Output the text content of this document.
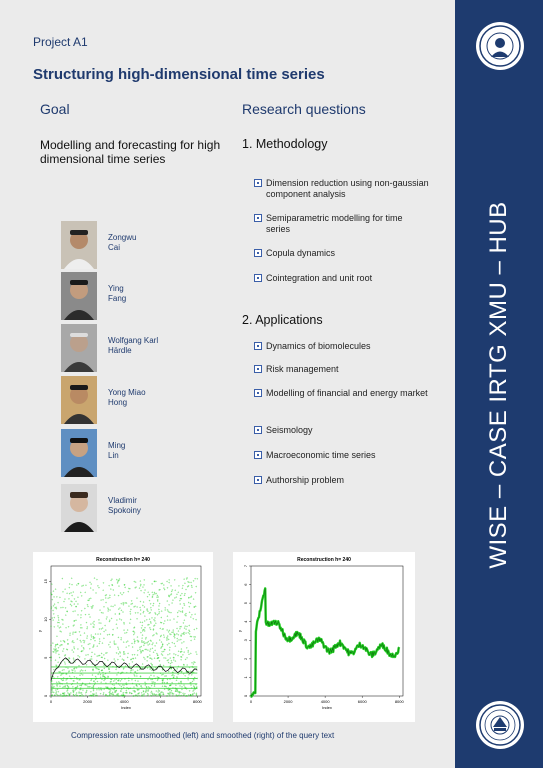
WISE – CASE IRTG XMU – HUB
Project A1
Structuring high-dimensional time series
Goal
Modelling and forecasting for high dimensional time series
Research questions
1. Methodology
Dimension reduction using non-gaussian component analysis
Semiparametric modelling for time series
Copula dynamics
Cointegration and unit root
2. Applications
Dynamics of biomolecules
Risk management
Modelling of financial and energy market
Seismology
Macroeconomic time series
Authorship problem
Zongwu
Cai
Ying
Fang
Wolfgang Karl
Härdle
Yong Miao
Hong
Ming
Lin
Vladimir
Spokoiny
Reconstruction h= 240
0	2000	4000	6000	8000
0
5
10
15
Index
y
Reconstruction h= 240
0	2000	4000	6000	8000
0
1
2
3
4
5
6
7
Index
y
Compression rate unsmoothed (left) and smoothed (right) of the query text
